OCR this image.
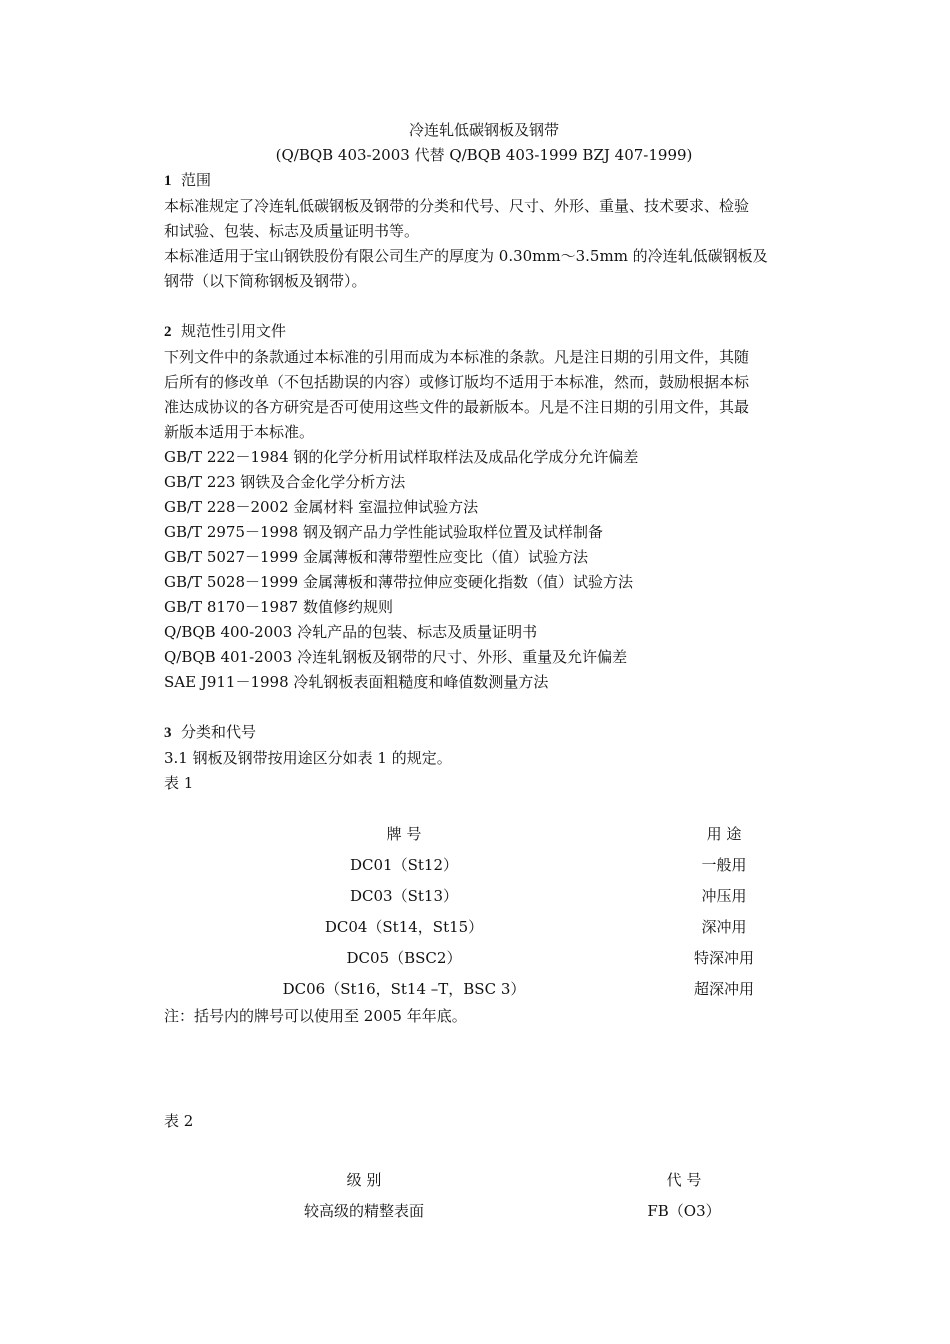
冷连轧低碳钢板及钢带

(Q/BQB 403-2003 代替 Q/BQB 403-1999 BZJ 407-1999)

1 范围

本标准规定了冷连轧低碳钢板及钢带的分类和代号、尺寸、外形、重量、技术要求、检验

和试验、包装、标志及质量证明书等。

本标准适用于宝山钢铁股份有限公司生产的厚度为 0.30mm～3.5mm 的冷连轧低碳钢板及

钢带（以下简称钢板及钢带）。

2 规范性引用文件

下列文件中的条款通过本标准的引用而成为本标准的条款。凡是注日期的引用文件，其随

后所有的修改单（不包括勘误的内容）或修订版均不适用于本标准，然而，鼓励根据本标

准达成协议的各方研究是否可使用这些文件的最新版本。凡是不注日期的引用文件，其最

新版本适用于本标准。

GB/T 222－1984 钢的化学分析用试样取样法及成品化学成分允许偏差

GB/T 223 钢铁及合金化学分析方法

GB/T 228－2002 金属材料 室温拉伸试验方法

GB/T 2975－1998 钢及钢产品力学性能试验取样位置及试样制备

GB/T 5027－1999 金属薄板和薄带塑性应变比（值）试验方法

GB/T 5028－1999 金属薄板和薄带拉伸应变硬化指数（值）试验方法

GB/T 8170－1987 数值修约规则

Q/BQB 400-2003 冷轧产品的包装、标志及质量证明书

Q/BQB 401-2003 冷连轧钢板及钢带的尺寸、外形、重量及允许偏差

SAE J911－1998 冷轧钢板表面粗糙度和峰值数测量方法

3 分类和代号

3.1 钢板及钢带按用途区分如表 1 的规定。

表 1

牌 号	用 途
DC01（St12）	一般用
DC03（St13）	冲压用
DC04（St14，St15）	深冲用
DC05（BSC2）	特深冲用
DC06（St16，St14 –T，BSC 3）	超深冲用

注：括号内的牌号可以使用至 2005 年年底。

表 2

级 别	代 号
较高级的精整表面	FB（O3）
